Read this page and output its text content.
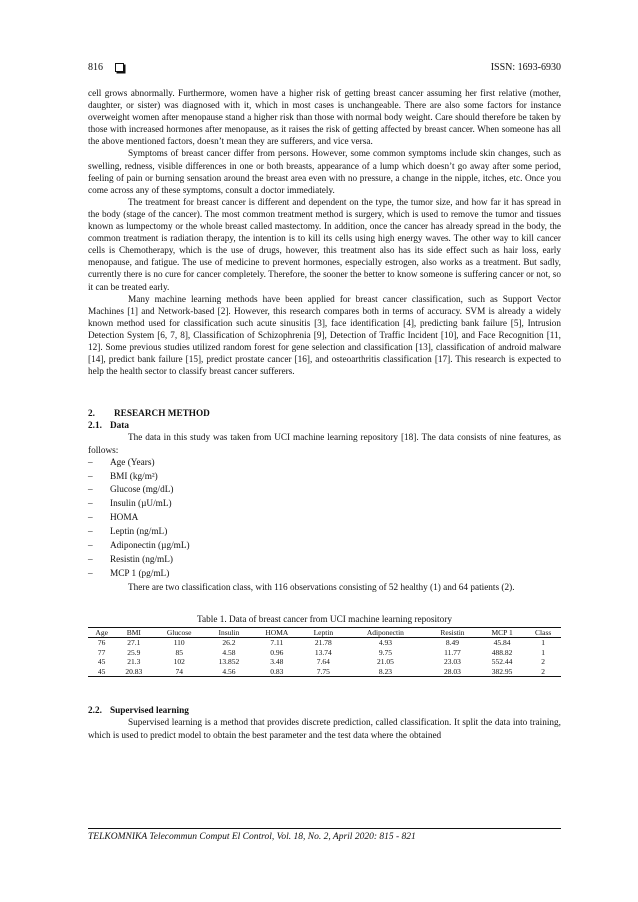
816	ISSN: 1693-6930

cell grows abnormally. Furthermore, women have a higher risk of getting breast cancer assuming her first relative (mother, daughter, or sister) was diagnosed with it, which in most cases is unchangeable. There are also some factors for instance overweight women after menopause stand a higher risk than those with normal body weight. Care should therefore be taken by those with increased hormones after menopause, as it raises the risk of getting affected by breast cancer. When someone has all the above mentioned factors, doesn’t mean they are sufferers, and vice versa.

Symptoms of breast cancer differ from persons. However, some common symptoms include skin changes, such as swelling, redness, visible differences in one or both breasts, appearance of a lump which doesn’t go away after some period, feeling of pain or burning sensation around the breast area even with no pressure, a change in the nipple, itches, etc. Once you come across any of these symptoms, consult a doctor immediately.

The treatment for breast cancer is different and dependent on the type, the tumor size, and how far it has spread in the body (stage of the cancer). The most common treatment method is surgery, which is used to remove the tumor and tissues known as lumpectomy or the whole breast called mastectomy. In addition, once the cancer has already spread in the body, the common treatment is radiation therapy, the intention is to kill its cells using high energy waves. The other way to kill cancer cells is Chemotherapy, which is the use of drugs, however, this treatment also has its side effect such as hair loss, early menopause, and fatigue. The use of medicine to prevent hormones, especially estrogen, also works as a treatment. But sadly, currently there is no cure for cancer completely. Therefore, the sooner the better to know someone is suffering cancer or not, so it can be treated early.

Many machine learning methods have been applied for breast cancer classification, such as Support Vector Machines [1] and Network-based [2]. However, this research compares both in terms of accuracy. SVM is already a widely known method used for classification such acute sinusitis [3], face identification [4], predicting bank failure [5], Intrusion Detection System [6, 7, 8], Classification of Schizophrenia [9], Detection of Traffic Incident [10], and Face Recognition [11, 12]. Some previous studies utilized random forest for gene selection and classification [13], classification of android malware [14], predict bank failure [15], predict prostate cancer [16], and osteoarthritis classification [17]. This research is expected to help the health sector to classify breast cancer sufferers.

2. RESEARCH METHOD
2.1. Data

The data in this study was taken from UCI machine learning repository [18]. The data consists of nine features, as follows:

– Age (Years)
– BMI (kg/m²)
– Glucose (mg/dL)
– Insulin (µU/mL)
– HOMA
– Leptin (ng/mL)
– Adiponectin (µg/mL)
– Resistin (ng/mL)
– MCP 1 (pg/mL)

There are two classification class, with 116 observations consisting of 52 healthy (1) and 64 patients (2).

Table 1. Data of breast cancer from UCI machine learning repository
Age	BMI	Glucose	Insulin	HOMA	Leptin	Adiponectin	Resistin	MCP 1	Class
76	27.1	110	26.2	7.11	21.78	4.93	8.49	45.84	1
77	25.9	85	4.58	0.96	13.74	9.75	11.77	488.82	1
45	21.3	102	13.852	3.48	7.64	21.05	23.03	552.44	2
45	20.83	74	4.56	0.83	7.75	8.23	28.03	382.95	2
2.2. Supervised learning

Supervised learning is a method that provides discrete prediction, called classification. It split the data into training, which is used to predict model to obtain the best parameter and the test data where the obtained

TELKOMNIKA Telecommun Comput El Control, Vol. 18, No. 2, April 2020: 815 - 821
